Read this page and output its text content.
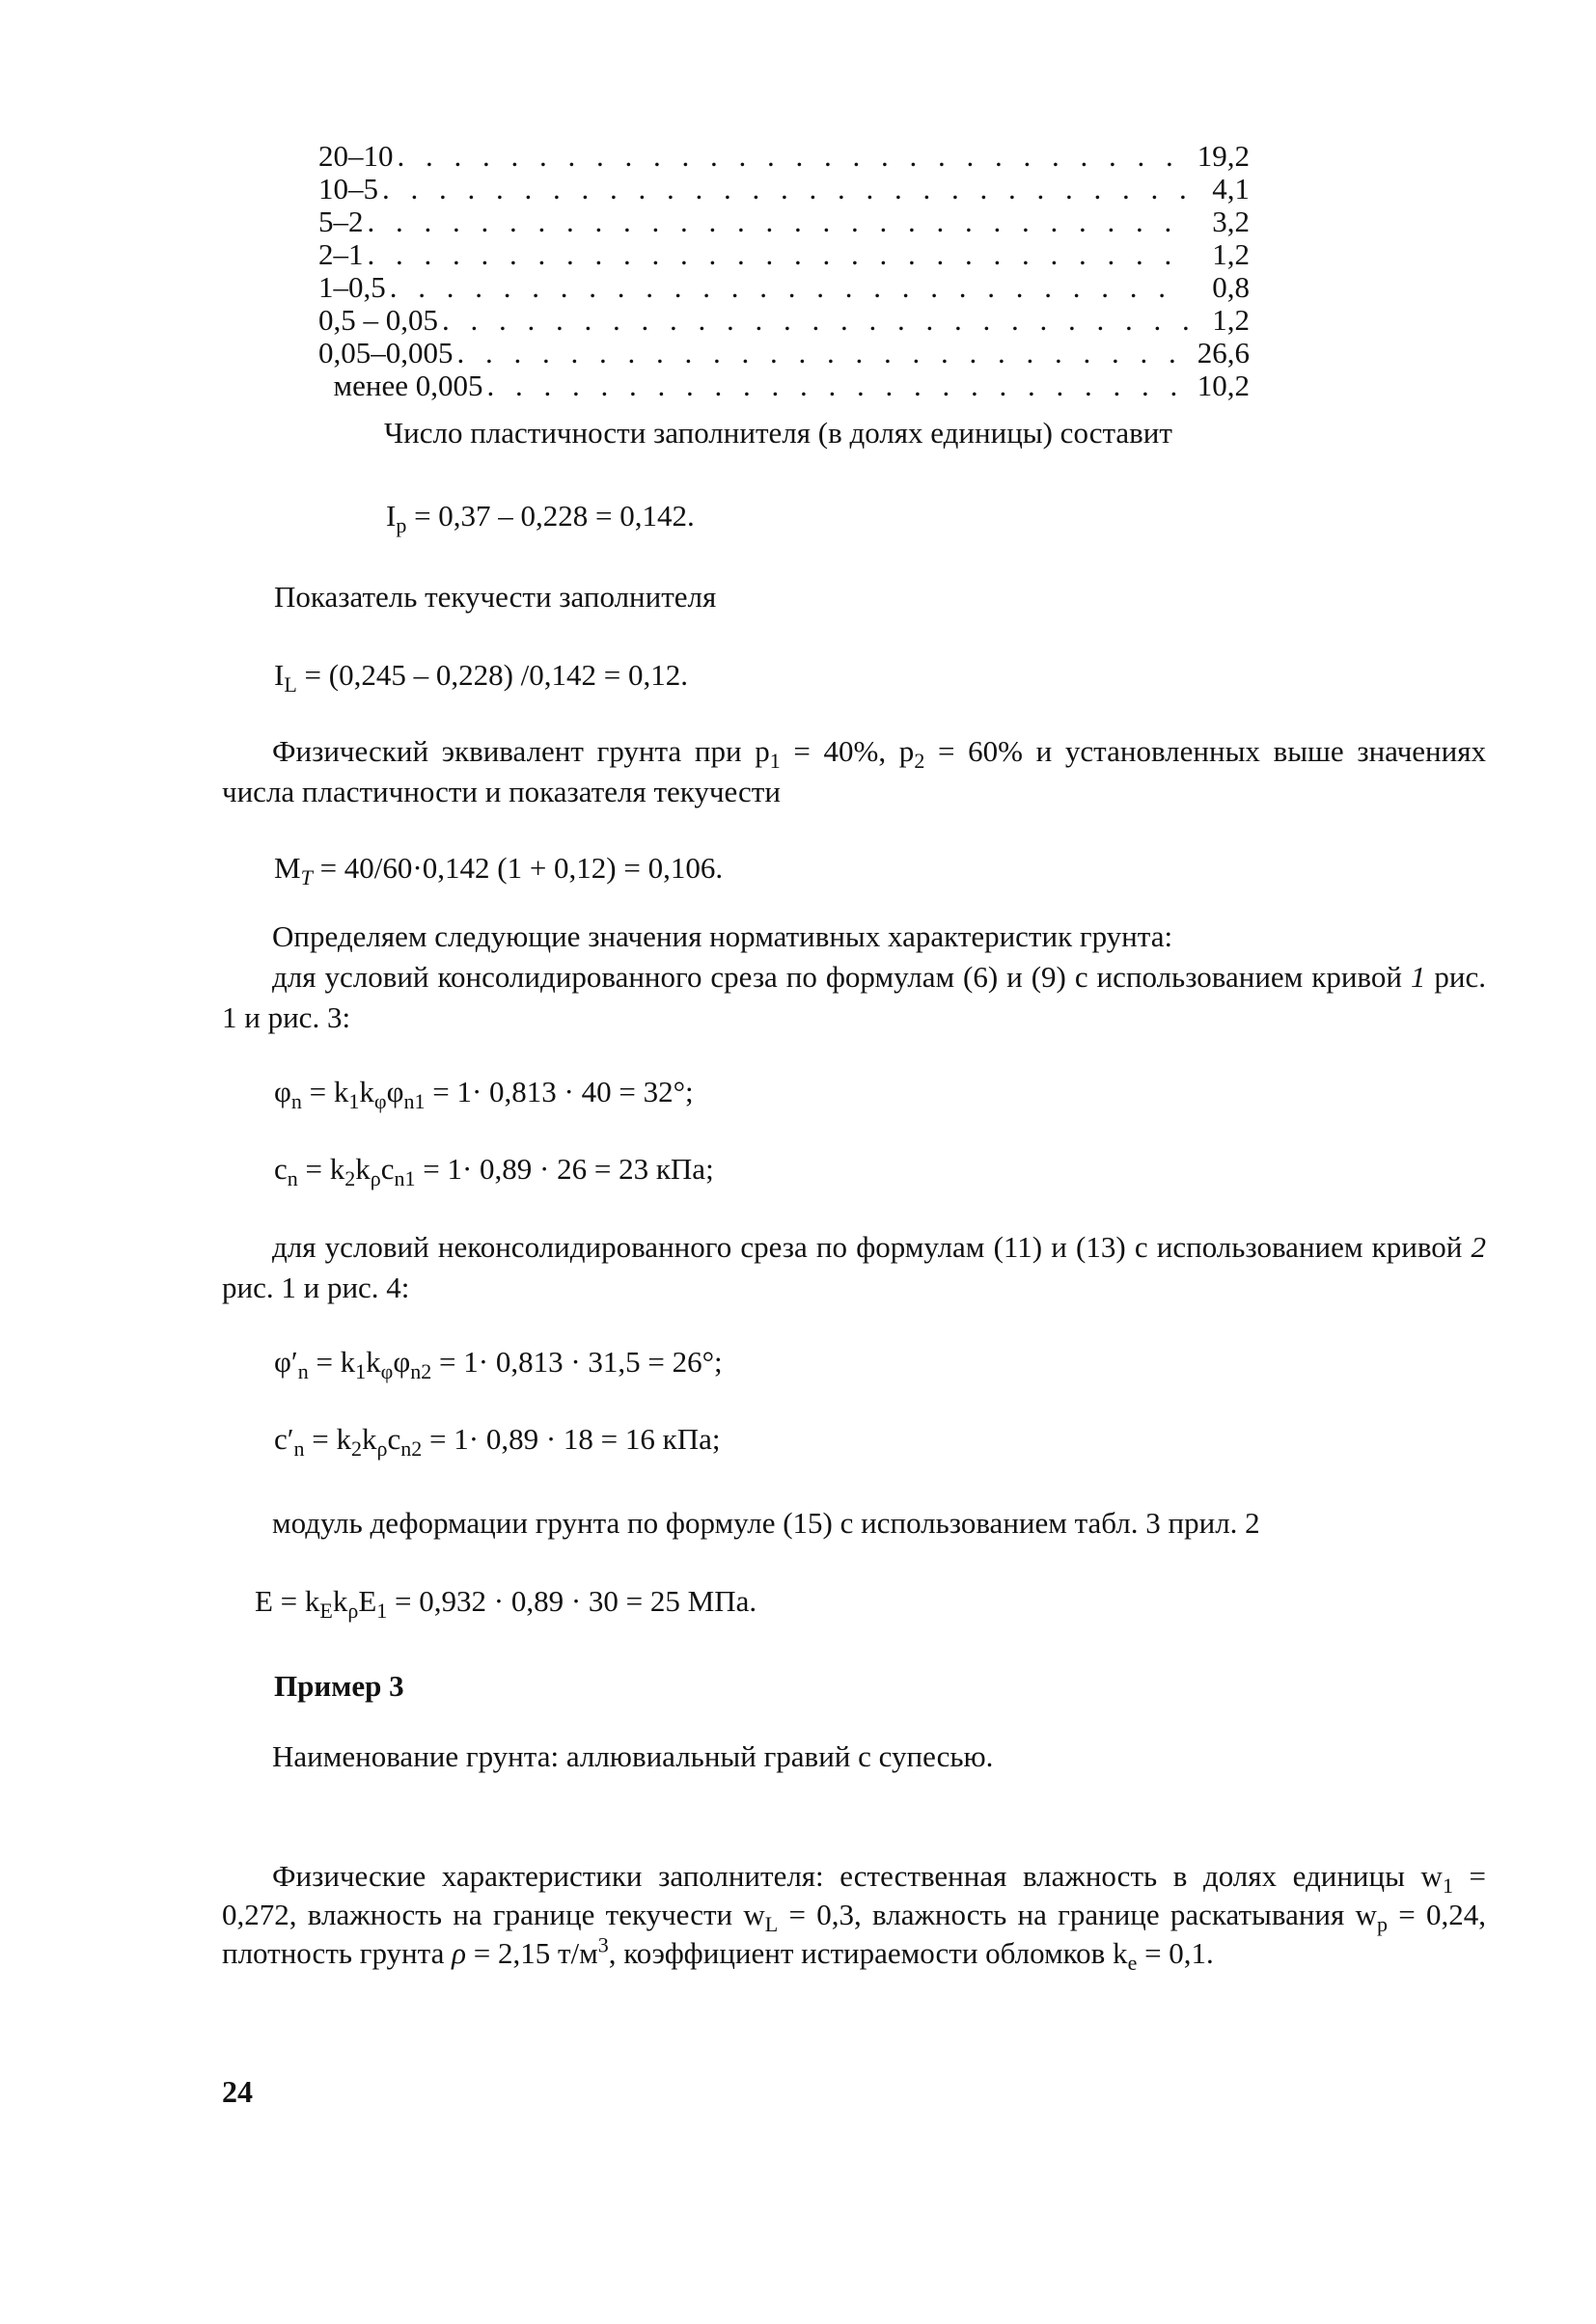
20–10 . . .	19,2
10–5 . . .	4,1
5–2 . . .	3,2
2–1 . . .	1,2
1–0,5 . . .	0,8
0,5 – 0,05 . . .	1,2
0,05–0,005 . . .	26,6
менее 0,005 . . .	10,2
Число пластичности заполнителя (в долях единицы) составит
$I_p = 0,37 - 0,228 = 0,142$.
Показатель текучести заполнителя
$I_L = (0,245 - 0,228) /0,142 = 0,12$.
Физический эквивалент грунта при $p_1 = 40\%$, $p_2 = 60\%$ и установленных выше значениях числа пластичности и показателя текучести
$M_T = 40/60\cdot 0,142$ (1 + 0,12) = 0,106.
Определяем следующие значения нормативных характеристик грунта:
для условий консолидированного среза по формулам (6) и (9) с использованием кривой 1 рис. 1 и рис. 3:
$\varphi_n = k_1k_\varphi\varphi_{n1} = 1\cdot 0,813 \cdot 40 = 32^\circ$;
$c_n = k_2k_\rho c_{n1} = 1\cdot 0,89 \cdot 26 = 23$ кПа;
для условий неконсолидированного среза по формулам (11) и (13) с использованием кривой 2 рис. 1 и рис. 4:
$\varphi'_n = k_1k_\varphi\varphi_{n2} = 1\cdot 0,813 \cdot 31,5 = 26^\circ$;
$c'_n = k_2k_\rho c_{n2} = 1\cdot 0,89 \cdot 18 = 16$ кПа;
модуль деформации грунта по формуле (15) с использованием табл. 3 прил. 2
$E = k_Ek_\rho E_1 = 0,932 \cdot 0,89 \cdot 30 = 25$ МПа.
Пример 3
Наименование грунта: аллювиальный гравий с супесью.
Физические характеристики заполнителя: естественная влажность в долях единицы $w_1 = 0,272$, влажность на границе текучести $w_L = 0,3$, влажность на границе раскатывания $w_p = 0,24$, плотность грунта ρ = 2,15 $т/м^3$, коэффициент истираемости обломков $k_e = 0,1$.
24
